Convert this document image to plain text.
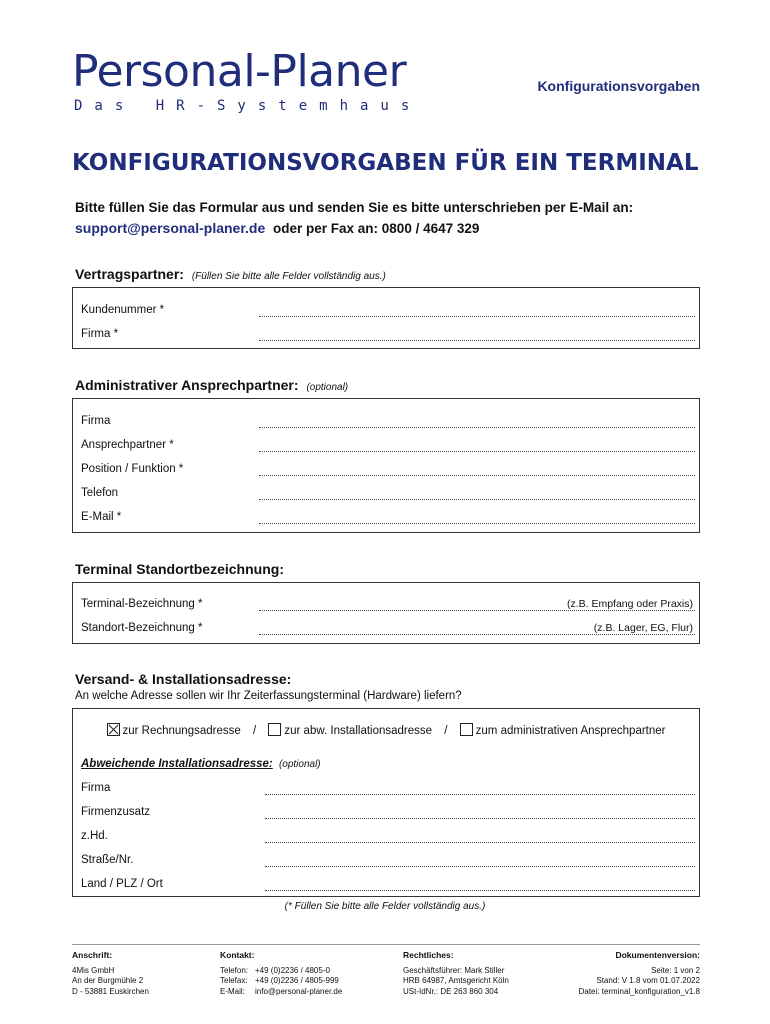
Personal-Planer
Das HR-Systemhaus
Konfigurationsvorgaben
KONFIGURATIONSVORGABEN FÜR EIN TERMINAL
Bitte füllen Sie das Formular aus und senden Sie es bitte unterschrieben per E-Mail an:
support@personal-planer.de oder per Fax an: 0800 / 4647 329
Vertragspartner: (Füllen Sie bitte alle Felder vollständig aus.)
Kundenummer *
Firma *
Administrativer Ansprechpartner: (optional)
Firma
Ansprechpartner *
Position / Funktion *
Telefon
E-Mail *
Terminal Standortbezeichnung:
Terminal-Bezeichnung *	(z.B. Empfang oder Praxis)
Standort-Bezeichnung *	(z.B. Lager, EG, Flur)
Versand- & Installationsadresse:
An welche Adresse sollen wir Ihr Zeiterfassungsterminal (Hardware) liefern?
zur Rechnungsadresse / zur abw. Installationsadresse / zum administrativen Ansprechpartner
Abweichende Installationsadresse: (optional)
Firma
Firmenzusatz
z.Hd.
Straße/Nr.
Land / PLZ / Ort
(* Füllen Sie bitte alle Felder vollständig aus.)
Anschrift:
4Mis GmbH
An der Burgmühle 2
D - 53881 Euskirchen
Kontakt:
Telefon:	+49 (0)2236 / 4805-0
Telefax:	+49 (0)2236 / 4805-999
E-Mail:	info@personal-planer.de
Rechtliches:
Geschäftsführer: Mark Stiller
HRB 64987, Amtsgericht Köln
USt-IdNr.: DE 263 860 304
Dokumentenversion:
Seite: 1 von 2
Stand: V 1.8 vom 01.07.2022
Datei: terminal_konfiguration_v1.8
